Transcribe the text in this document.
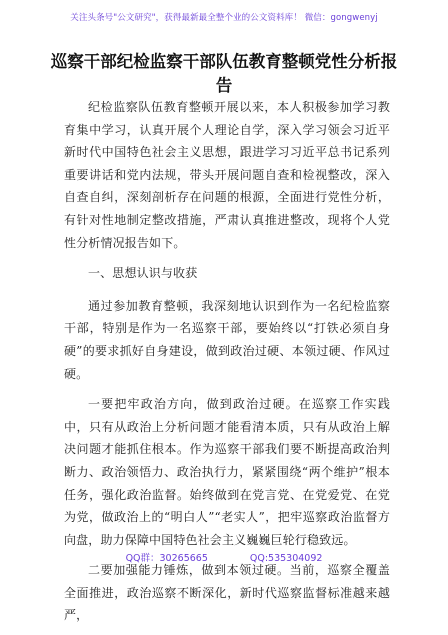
关注头条号"公文研究"，获得最新最全整个业的公文资料库！ 微信：gongwenyj
巡察干部纪检监察干部队伍教育整顿党性分析报告

纪检监察队伍教育整顿开展以来，本人积极参加学习教育集中学习，认真开展个人理论自学，深入学习领会习近平新时代中国特色社会主义思想，跟进学习习近平总书记系列重要讲话和党内法规，带头开展问题自查和检视整改，深入自查自纠，深刻剖析存在问题的根源，全面进行党性分析，有针对性地制定整改措施，严肃认真推进整改，现将个人党性分析情况报告如下。

一、思想认识与收获

通过参加教育整顿，我深刻地认识到作为一名纪检监察干部，特别是作为一名巡察干部，要始终以“打铁必须自身硬”的要求抓好自身建设，做到政治过硬、本领过硬、作风过硬。

一要把牢政治方向，做到政治过硬。在巡察工作实践中，只有从政治上分析问题才能看清本质，只有从政治上解决问题才能抓住根本。作为巡察干部我们要不断提高政治判断力、政治领悟力、政治执行力，紧紧围绕“两个维护”根本任务，强化政治监督。始终做到在党言党、在党爱党、在党为党，做政治上的“明白人”“老实人”，把牢巡察政治监督方向盘，助力保障中国特色社会主义巍巍巨轮行稳致远。

二要加强能力锤炼，做到本领过硬。当前，巡察全覆盖全面推进，政治巡察不断深化，新时代巡察监督标准越来越严，

QQ群：30265665	QQ:535304092
